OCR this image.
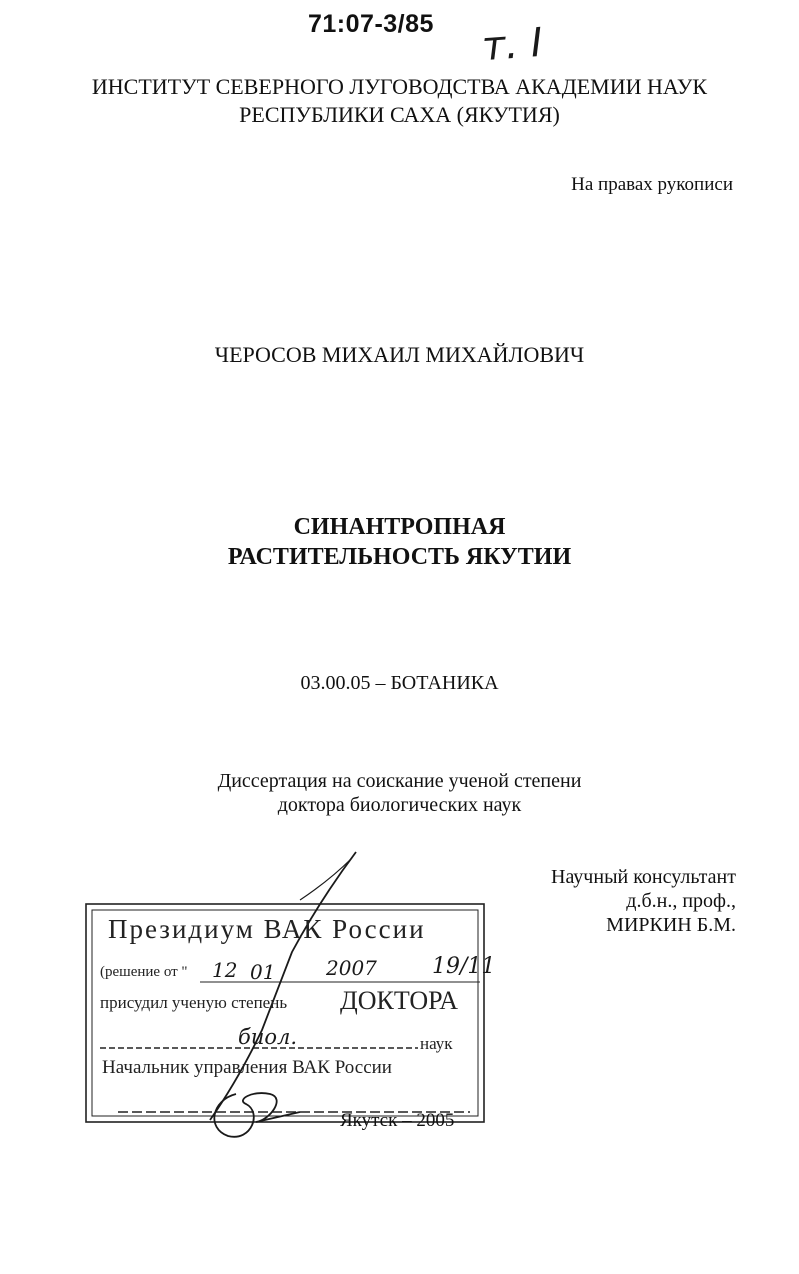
71:07-3/85 т. I
ИНСТИТУТ СЕВЕРНОГО ЛУГОВОДСТВА АКАДЕМИИ НАУК
РЕСПУБЛИКИ САХА (ЯКУТИЯ)
На правах рукописи
ЧЕРОСОВ МИХАИЛ МИХАЙЛОВИЧ
СИНАНТРОПНАЯ
РАСТИТЕЛЬНОСТЬ ЯКУТИИ
03.00.05 – БОТАНИКА
Диссертация на соискание ученой степени
доктора биологических наук
Научный консультант
д.б.н., проф.,
МИРКИН Б.М.
Президиум ВАК России
(решение от " 12 01	2007	19/11
присудил ученую степень ДОКТОРА
биол.	наук
Начальник управления ВАК России
Якутск – 2005
